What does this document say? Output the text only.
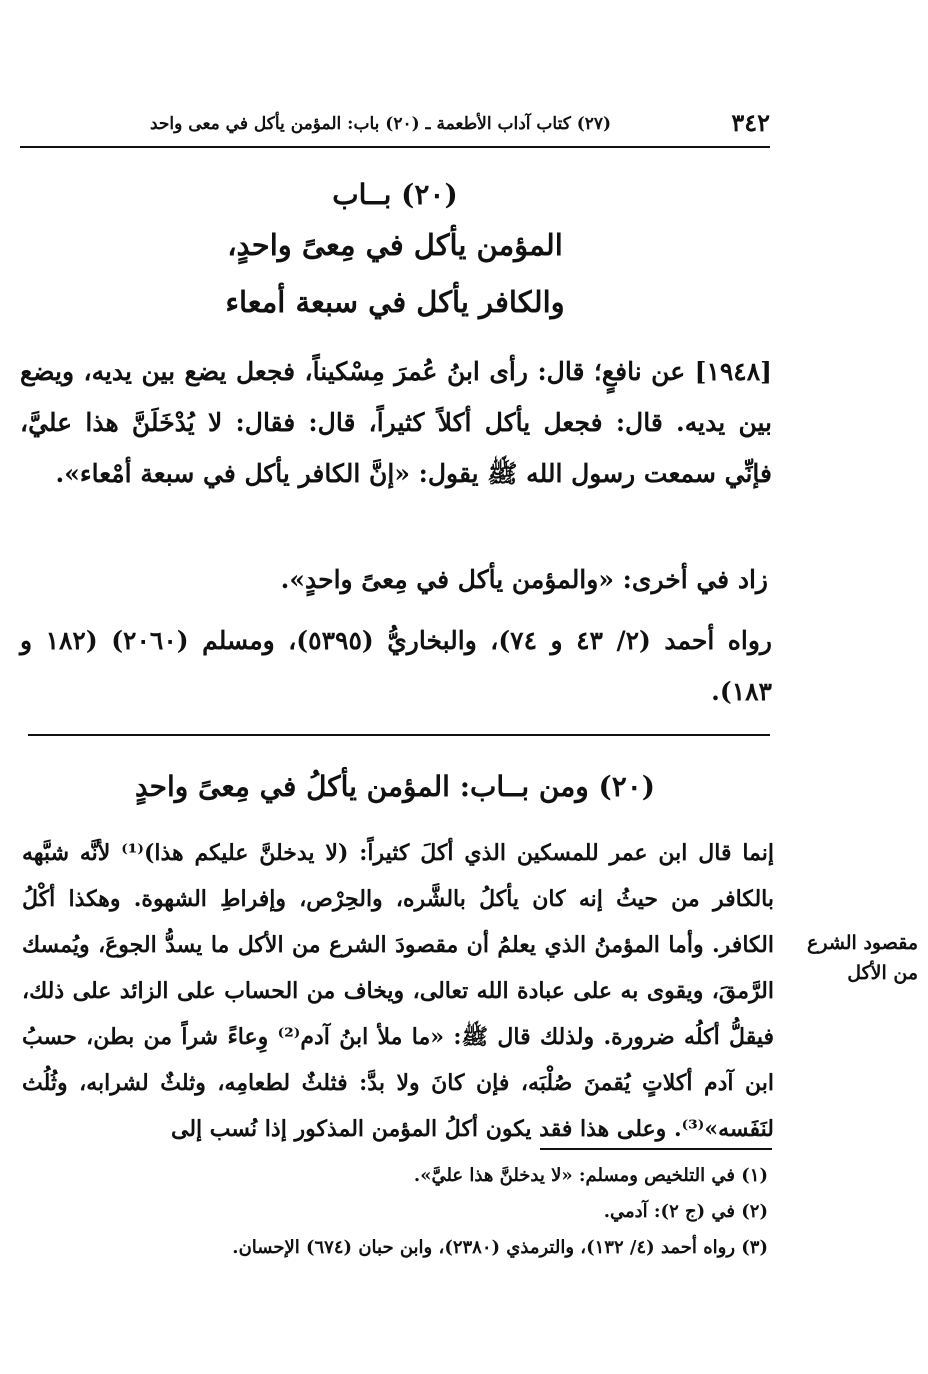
٣٤٢
(٢٧) كتاب آداب الأطعمة ـ (٢٠) باب: المؤمن يأكل في معى واحد
(٢٠) بــاب
المؤمن يأكل في مِعىً واحدٍ،
والكافر يأكل في سبعة أمعاء
[١٩٤٨] عن نافعٍ؛ قال: رأى ابنُ عُمرَ مِسْكيناً، فجعل يضع بين يديه، ويضع بين يديه. قال: فجعل يأكل أكلاً كثيراً، قال: فقال: لا يُدْخَلَنَّ هذا عليَّ، فإنِّي سمعت رسول الله ﷺ يقول: «إنَّ الكافر يأكل في سبعة أمْعاء».
زاد في أخرى: «والمؤمن يأكل في مِعىً واحدٍ».
رواه أحمد (٢/ ٤٣ و ٧٤)، والبخاريُّ (٥٣٩٥)، ومسلم (٢٠٦٠) (١٨٢ و ١٨٣).
(٢٠) ومن بــاب: المؤمن يأكلُ في مِعىً واحدٍ
إنما قال ابن عمر للمسكين الذي أكلَ كثيراً: (لا يدخلنَّ عليكم هذا)⁽¹⁾ لأنَّه شبَّهه بالكافر من حيثُ إنه كان يأكلُ بالشَّره، والحِرْص، وإفراطِ الشهوة. وهكذا أكْلُ الكافر. وأما المؤمنُ الذي يعلمُ أن مقصودَ الشرع من الأكل ما يسدُّ الجوعَ، ويُمسك الرَّمقَ، ويقوى به على عبادة الله تعالى، ويخاف من الحساب على الزائد على ذلك، فيقلُّ أكلُه ضرورة. ولذلك قال ﷺ: «ما ملأ ابنُ آدم⁽²⁾ وِعاءً شراً من بطن، حسبُ ابن آدم أكلاتٍ يُقمنَ صُلْبَه، فإن كانَ ولا بدَّ: فثلثٌ لطعامِه، وثلثٌ لشرابه، وثُلُث لنَفَسه»⁽³⁾. وعلى هذا فقد يكون أكلُ المؤمن المذكور إذا نُسب إلى
مقصود الشرع من الأكل
(١) في التلخيص ومسلم: «لا يدخلنَّ هذا عليَّ».
(٢) في (ج ٢): آدمي.
(٣) رواه أحمد (٤/ ١٣٢)، والترمذي (٢٣٨٠)، وابن حبان (٦٧٤) الإحسان.
